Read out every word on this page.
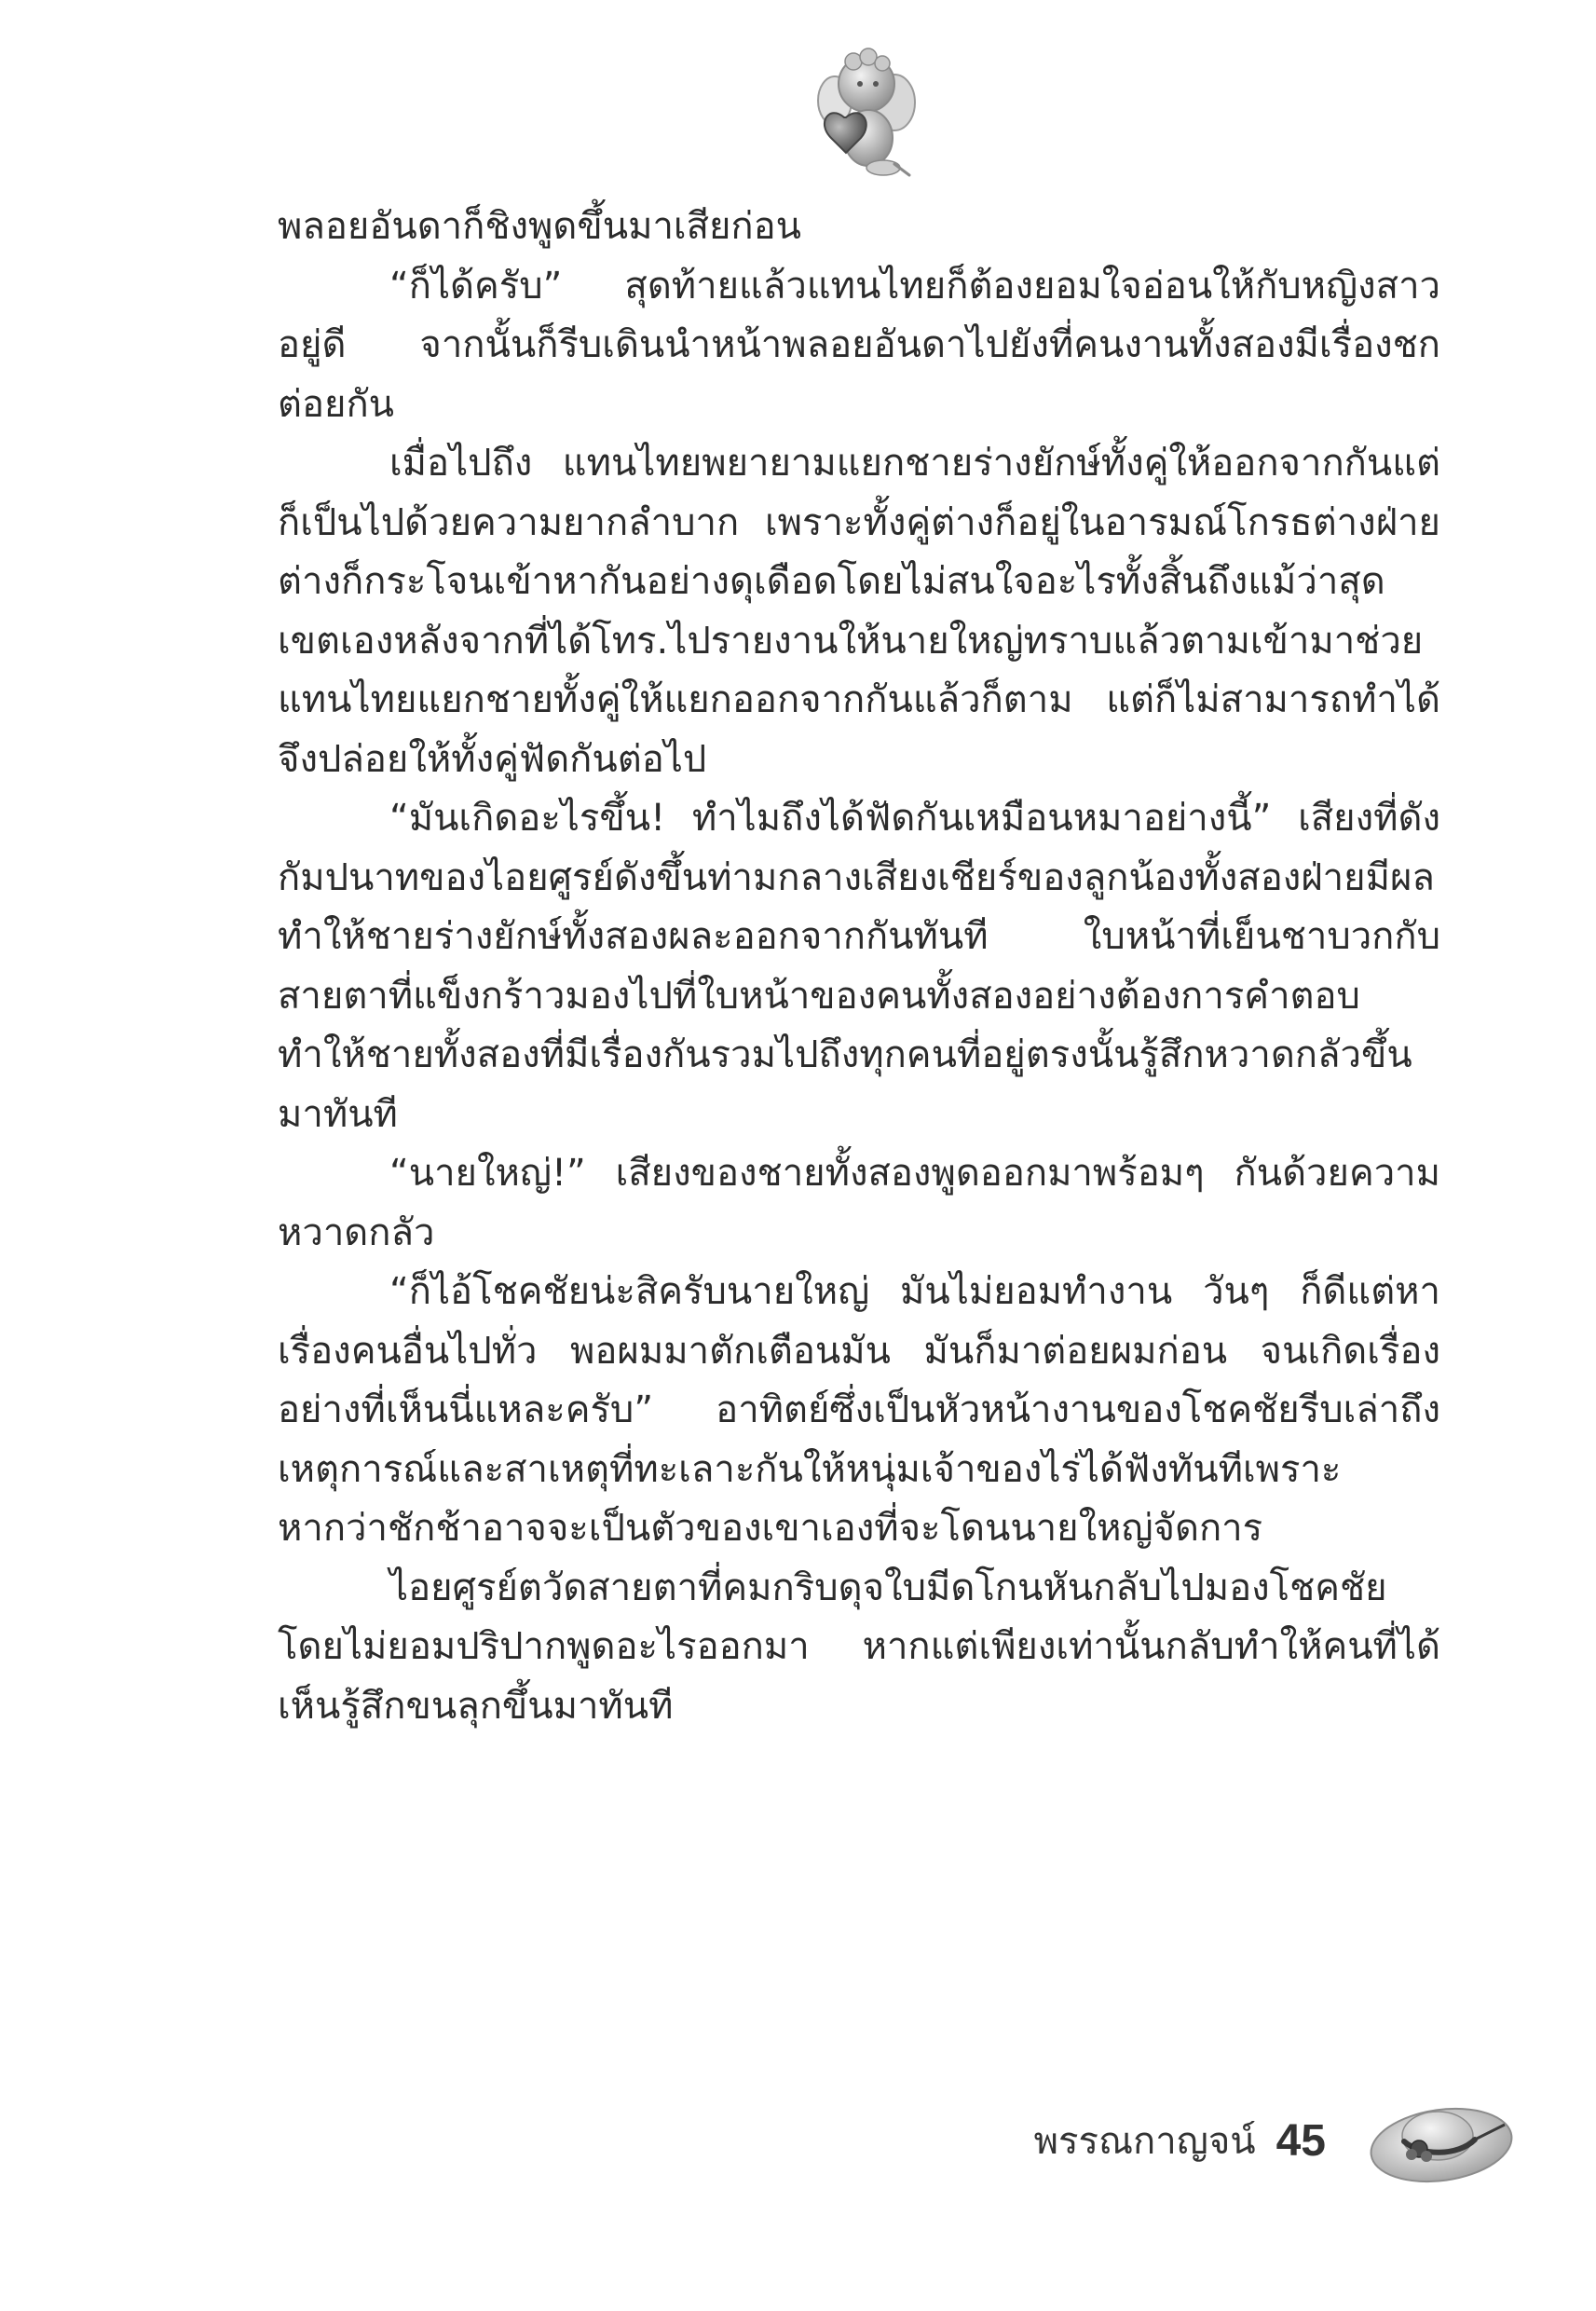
พลอยอันดาก็ชิงพูดขึ้นมาเสียก่อน

“ก็ได้ครับ” สุดท้ายแล้วแทนไทยก็ต้องยอมใจอ่อนให้กับหญิงสาวอยู่ดี จากนั้นก็รีบเดินนำหน้าพลอยอันดาไปยังที่คนงานทั้งสองมีเรื่องชกต่อยกัน

เมื่อไปถึง แทนไทยพยายามแยกชายร่างยักษ์ทั้งคู่ให้ออกจากกันแต่ก็เป็นไปด้วยความยากลำบาก เพราะทั้งคู่ต่างก็อยู่ในอารมณ์โกรธต่างฝ่ายต่างก็กระโจนเข้าหากันอย่างดุเดือดโดยไม่สนใจอะไรทั้งสิ้นถึงแม้ว่าสุดเขตเองหลังจากที่ได้โทร.ไปรายงานให้นายใหญ่ทราบแล้วตามเข้ามาช่วยแทนไทยแยกชายทั้งคู่ให้แยกออกจากกันแล้วก็ตาม แต่ก็ไม่สามารถทำได้ จึงปล่อยให้ทั้งคู่ฟัดกันต่อไป

“มันเกิดอะไรขึ้น! ทำไมถึงได้ฟัดกันเหมือนหมาอย่างนี้” เสียงที่ดังกัมปนาทของไอยศูรย์ดังขึ้นท่ามกลางเสียงเชียร์ของลูกน้องทั้งสองฝ่ายมีผลทำให้ชายร่างยักษ์ทั้งสองผละออกจากกันทันที ใบหน้าที่เย็นชาบวกกับสายตาที่แข็งกร้าวมองไปที่ใบหน้าของคนทั้งสองอย่างต้องการคำตอบทำให้ชายทั้งสองที่มีเรื่องกันรวมไปถึงทุกคนที่อยู่ตรงนั้นรู้สึกหวาดกลัวขึ้นมาทันที

“นายใหญ่!” เสียงของชายทั้งสองพูดออกมาพร้อมๆ กันด้วยความหวาดกลัว

“ก็ไอ้โชคชัยน่ะสิครับนายใหญ่ มันไม่ยอมทำงาน วันๆ ก็ดีแต่หาเรื่องคนอื่นไปทั่ว พอผมมาตักเตือนมัน มันก็มาต่อยผมก่อน จนเกิดเรื่องอย่างที่เห็นนี่แหละครับ” อาทิตย์ซึ่งเป็นหัวหน้างานของโชคชัยรีบเล่าถึงเหตุการณ์และสาเหตุที่ทะเลาะกันให้หนุ่มเจ้าของไร่ได้ฟังทันทีเพราะหากว่าชักช้าอาจจะเป็นตัวของเขาเองที่จะโดนนายใหญ่จัดการ

ไอยศูรย์ตวัดสายตาที่คมกริบดุจใบมีดโกนหันกลับไปมองโชคชัยโดยไม่ยอมปริปากพูดอะไรออกมา หากแต่เพียงเท่านั้นกลับทำให้คนที่ได้เห็นรู้สึกขนลุกขึ้นมาทันที

พรรณกาญจน์ 45
